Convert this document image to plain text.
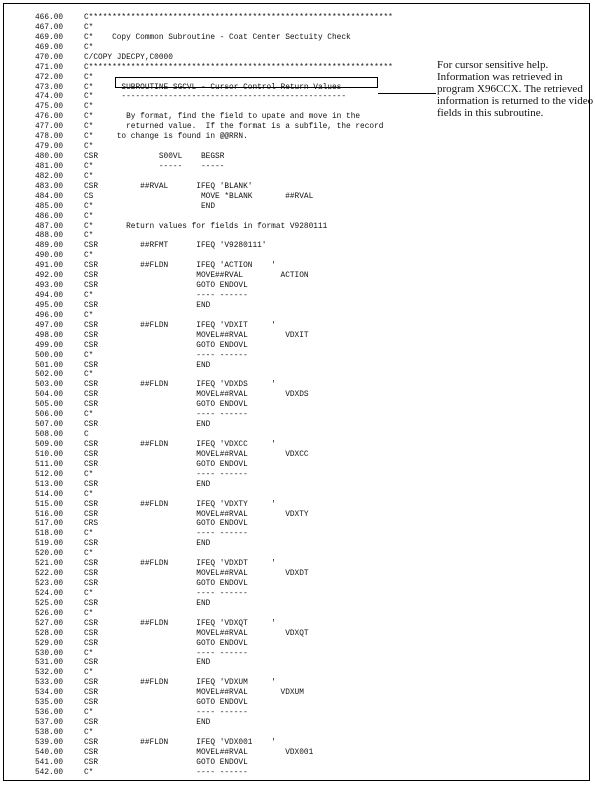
466.00	C*****************************************************************
467.00	C*
469.00	C*    Copy Common Subroutine - Coat Center Sectuity Check
469.00	C*
470.00	C/COPY JDECPY,C0000
471.00	C*****************************************************************
472.00	C*
473.00	C*      SUBROUTINE SGCVL - Cursor Control Return Values
474.00	C*      ------------------------------------------------
475.00	C*
476.00	C*       By format, find the field to upate and move in the
477.00	C*       returned value.  If the format is a subfile, the record
478.00	C*     to change is found in @@RRN.
479.00	C*
480.00	CSR             S00VL    BEGSR
481.00	C*              -----    -----
482.00	C*
483.00	CSR         ##RVAL      IFEQ 'BLANK'
484.00	CS                       MOVE *BLANK       ##RVAL
485.00	C*                       END
486.00	C*
487.00	C*       Return values for fields in format V9280111
488.00	C*
489.00	CSR         ##RFMT      IFEQ 'V9280111'
490.00	C*
491.00	CSR         ##FLDN      IFEQ 'ACTION    '
492.00	CSR                     MOVE##RVAL        ACTION
493.00	CSR                     GOTO ENDOVL
494.00	C*                      ---- ------
495.00	CSR                     END
496.00	C*
497.00	CSR         ##FLDN      IFEQ 'VDXIT     '
498.00	CSR                     MOVEL##RVAL        VDXIT
499.00	CSR                     GOTO ENDOVL
500.00	C*                      ---- ------
501.00	CSR                     END
502.00	C*
503.00	CSR         ##FLDN      IFEQ 'VDXDS     '
504.00	CSR                     MOVEL##RVAL        VDXDS
505.00	CSR                     GOTO ENDOVL
506.00	C*                      ---- ------
507.00	CSR                     END
508.00	C
509.00	CSR         ##FLDN      IFEQ 'VDXCC     '
510.00	CSR                     MOVEL##RVAL        VDXCC
511.00	CSR                     GOTO ENDOVL
512.00	C*                      ---- ------
513.00	CSR                     END
514.00	C*
515.00	CSR         ##FLDN      IFEQ 'VDXTY     '
516.00	CSR                     MOVEL##RVAL        VDXTY
517.00	CRS                     GOTO ENDOVL
518.00	C*                      ---- ------
519.00	CSR                     END
520.00	C*
521.00	CSR         ##FLDN      IFEQ 'VDXDT     '
522.00	CSR                     MOVEL##RVAL        VDXDT
523.00	CSR                     GOTO ENDOVL
524.00	C*                      ---- ------
525.00	CSR                     END
526.00	C*
527.00	CSR         ##FLDN      IFEQ 'VDXQT     '
528.00	CSR                     MOVEL##RVAL        VDXQT
529.00	CSR                     GOTO ENDOVL
530.00	C*                      ---- ------
531.00	CSR                     END
532.00	C*
533.00	CSR         ##FLDN      IFEQ 'VDXUM     '
534.00	CSR                     MOVEL##RVAL       VDXUM
535.00	CSR                     GOTO ENDOVL
536.00	C*                      ---- ------
537.00	CSR                     END
538.00	C*
539.00	CSR         ##FLDN      IFEQ 'VDX001    '
540.00	CSR                     MOVEL##RVAL        VDX001
541.00	CSR                     GOTO ENDOVL
542.00	C*                      ---- ------
For cursor sensitive help. Information was retrieved in program X96CCX. The retrieved information is returned to the video fields in this subroutine.
